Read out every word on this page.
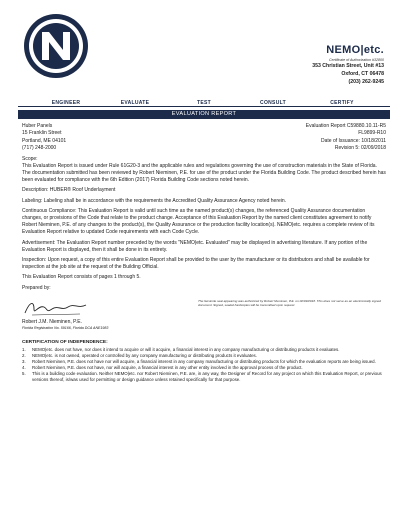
NEMO|etc.
Certificate of Authorization #32800
353 Christian Street, Unit #13
Oxford, CT 06478
(203) 262-9245
ENGINEER	EVALUATE	TEST	CONSULT	CERTIFY
EVALUATION REPORT
Huber Panels
15 Franklin Street
Portland, ME 04101
(717) 248-2000
Evaluation Report C59880.10.11-R5
FL9899-R10
Date of Issuance: 10/18/2011
Revision 5: 02/09/2018
Scope:
This Evaluation Report is issued under Rule 61G20-3 and the applicable rules and regulations governing the use of construction materials in the State of Florida. The documentation submitted has been reviewed by Robert Nieminen, P.E. for use of the product under the Florida Building Code. The product described herein has been evaluated for compliance with the 6th Edition (2017) Florida Building Code sections noted herein.
Description: HUBER® Roof Underlayment
Labeling: Labeling shall be in accordance with the requirements the Accredited Quality Assurance Agency noted herein.
Continuous Compliance: This Evaluation Report is valid until such time as the named product(s) changes, the referenced Quality Assurance documentation changes, or provisions of the Code that relate to the product change. Acceptance of this Evaluation Report by the named client constitutes agreement to notify Robert Nieminen, P.E. of any changes to the product(s), the Quality Assurance or the production facility location(s). NEMO|etc. requires a complete review of its Evaluation Report relative to updated Code requirements with each Code Cycle.
Advertisement: The Evaluation Report number preceded by the words "NEMO|etc. Evaluated" may be displayed in advertising literature. If any portion of the Evaluation Report is displayed, then it shall be done in its entirety.
Inspection: Upon request, a copy of this entire Evaluation Report shall be provided to the user by the manufacturer or its distributors and shall be available for inspection at the job site at the request of the Building Official.
This Evaluation Report consists of pages 1 through 5.
Prepared by:
Robert J.M. Nieminen, P.E.
Florida Registration No. 59166, Florida DCA ANE1983
The facsimile seal appearing was authorized by Robert Nieminen, P.E. on 02/09/2018. This does not serve as an electronically signed document. Signed, sealed hardcopies will be transmitted upon request.
CERTIFICATION OF INDEPENDENCE:
1.	NEMO|etc. does not have, nor does it intend to acquire or will it acquire, a financial interest in any company manufacturing or distributing products it evaluates.
2.	NEMO|etc. is not owned, operated or controlled by any company manufacturing or distributing products it evaluates.
3.	Robert Nieminen, P.E. does not have nor will acquire, a financial interest in any company manufacturing or distributing products for which the evaluation reports are being issued.
4.	Robert Nieminen, P.E. does not have, nor will acquire, a financial interest in any other entity involved in the approval process of the product.
5.	This is a building code evaluation. Neither NEMO|etc. nor Robert Nieminen, P.E. are, in any way, the Designer of Record for any project on which this Evaluation Report, or previous versions thereof, is/was used for permitting or design guidance unless retained specifically for that purpose.
